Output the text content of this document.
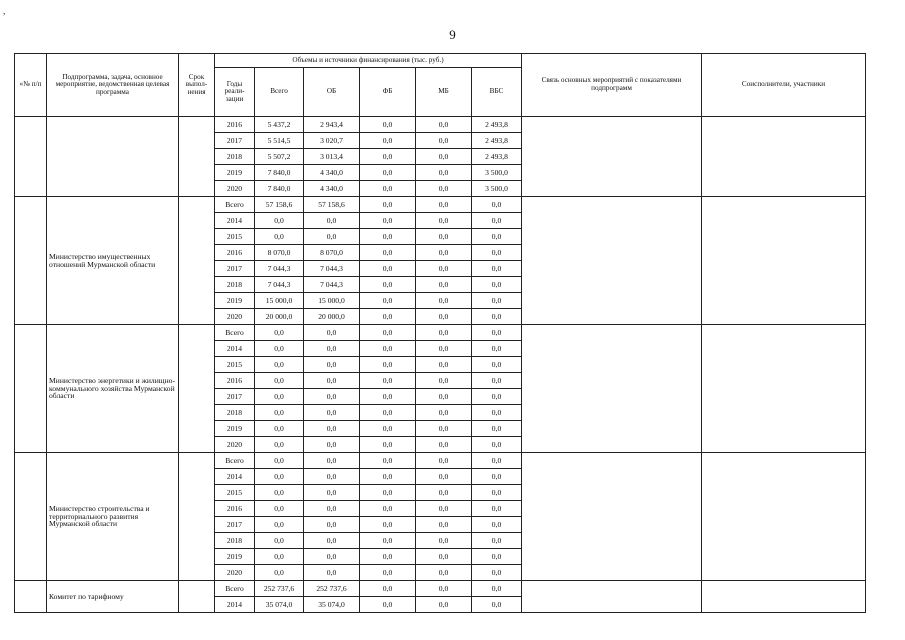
,
9
«№ п/п	Подпрограмма, задача, основное мероприятие, ведомственная целевая программа	Срок выпол-нения	Объемы и источники финансирования (тыс. руб.)						Связь основных мероприятий с показателями подпрограмм	Соисполнители, участники
			Годы реали-зации	Всего	ОБ	ФБ	МБ	ВБС		
			2016	5 437,2	2 943,4	0,0	0,0	2 493,8		
			2017	5 514,5	3 020,7	0,0	0,0	2 493,8		
			2018	5 507,2	3 013,4	0,0	0,0	2 493,8		
			2019	7 840,0	4 340,0	0,0	0,0	3 500,0		
			2020	7 840,0	4 340,0	0,0	0,0	3 500,0		
	Министерство имущественных отношений Мурманской области		Всего	57 158,6	57 158,6	0,0	0,0	0,0		
			2014	0,0	0,0	0,0	0,0	0,0		
			2015	0,0	0,0	0,0	0,0	0,0		
			2016	8 070,0	8 070,0	0,0	0,0	0,0		
			2017	7 044,3	7 044,3	0,0	0,0	0,0		
			2018	7 044,3	7 044,3	0,0	0,0	0,0		
			2019	15 000,0	15 000,0	0,0	0,0	0,0		
			2020	20 000,0	20 000,0	0,0	0,0	0,0		
	Министерство энергетики и жилищно-коммунального хозяйства Мурманской области		Всего	0,0	0,0	0,0	0,0	0,0		
			2014	0,0	0,0	0,0	0,0	0,0		
			2015	0,0	0,0	0,0	0,0	0,0		
			2016	0,0	0,0	0,0	0,0	0,0		
			2017	0,0	0,0	0,0	0,0	0,0		
			2018	0,0	0,0	0,0	0,0	0,0		
			2019	0,0	0,0	0,0	0,0	0,0		
			2020	0,0	0,0	0,0	0,0	0,0		
	Министерство строительства и территориального развития Мурманской области		Всего	0,0	0,0	0,0	0,0	0,0		
			2014	0,0	0,0	0,0	0,0	0,0		
			2015	0,0	0,0	0,0	0,0	0,0		
			2016	0,0	0,0	0,0	0,0	0,0		
			2017	0,0	0,0	0,0	0,0	0,0		
			2018	0,0	0,0	0,0	0,0	0,0		
			2019	0,0	0,0	0,0	0,0	0,0		
			2020	0,0	0,0	0,0	0,0	0,0		
	Комитет по тарифному		Всего	252 737,6	252 737,6	0,0	0,0	0,0		
			2014	35 074,0	35 074,0	0,0	0,0	0,0		
